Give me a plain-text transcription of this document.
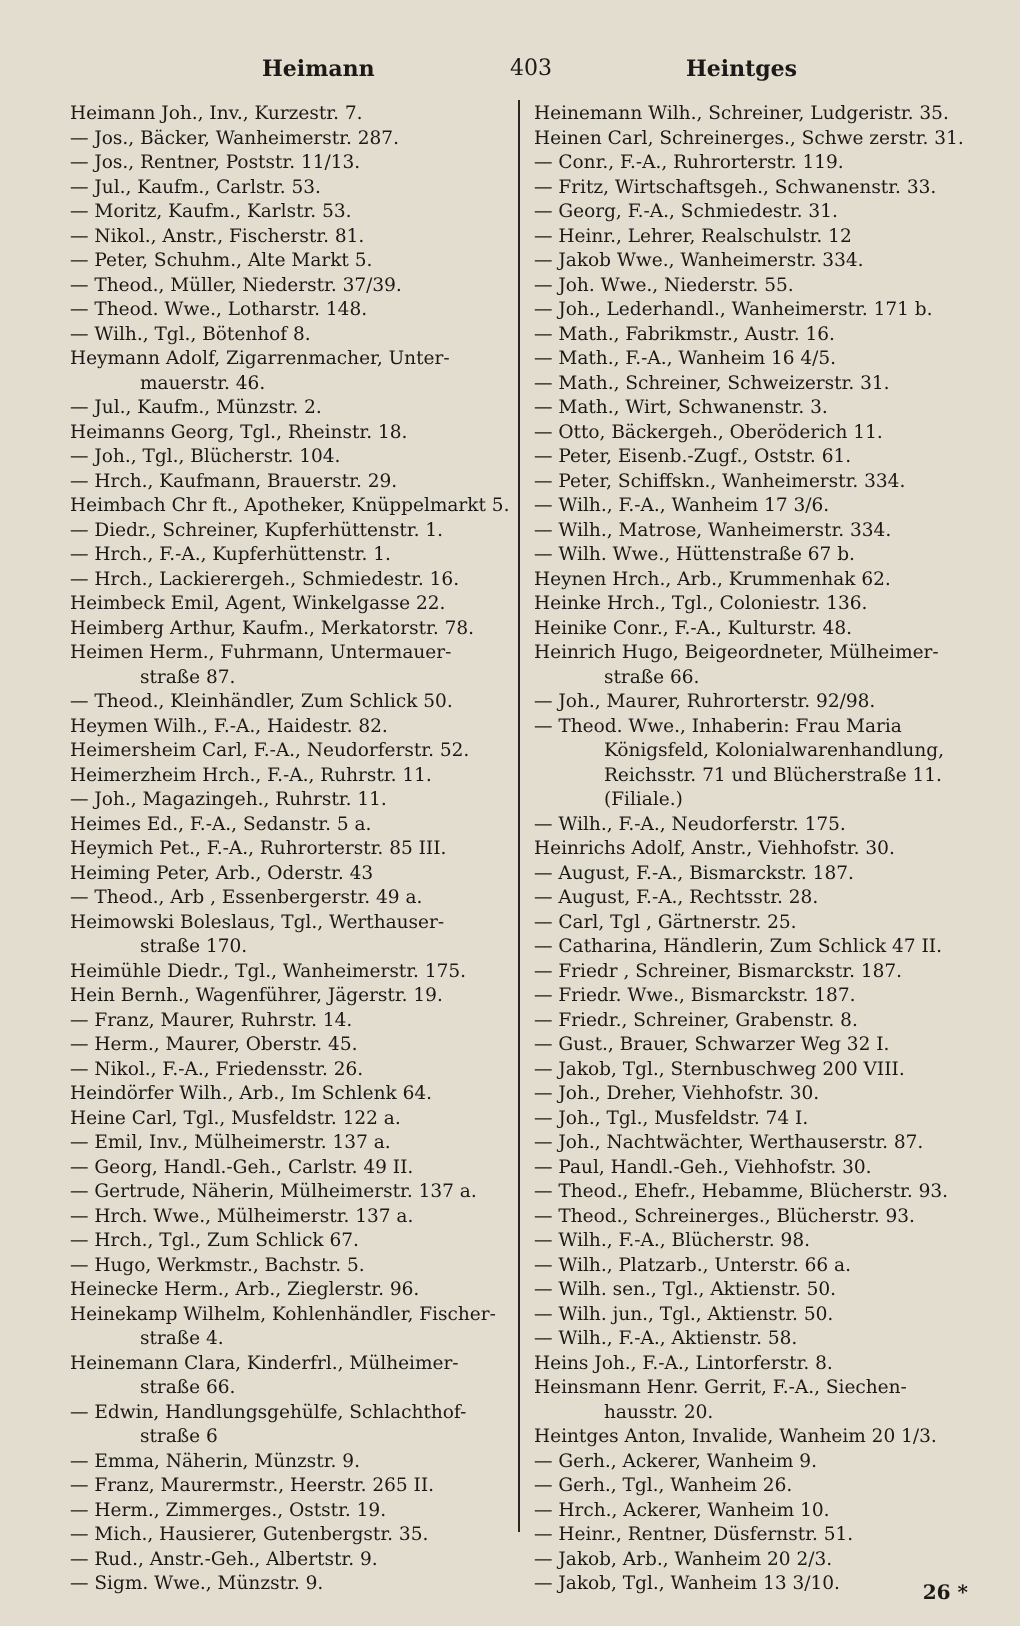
Heimann	403	Heintges
Heimann Joh., Inv., Kurzestr. 7.
— Jos., Bäcker, Wanheimerstr. 287.
— Jos., Rentner, Poststr. 11/13.
— Jul., Kaufm., Carlstr. 53.
— Moritz, Kaufm., Karlstr. 53.
— Nikol., Anstr., Fischerstr. 81.
— Peter, Schuhm., Alte Markt 5.
— Theod., Müller, Niederstr. 37/39.
— Theod. Wwe., Lotharstr. 148.
— Wilh., Tgl., Bötenhof 8.
Heymann Adolf, Zigarrenmacher, Unter-
mauerstr. 46.
— Jul., Kaufm., Münzstr. 2.
Heimanns Georg, Tgl., Rheinstr. 18.
— Joh., Tgl., Blücherstr. 104.
— Hrch., Kaufmann, Brauerstr. 29.
Heimbach Chr ft., Apotheker, Knüppelmarkt 5.
— Diedr., Schreiner, Kupferhüttenstr. 1.
— Hrch., F.-A., Kupferhüttenstr. 1.
— Hrch., Lackierergeh., Schmiedestr. 16.
Heimbeck Emil, Agent, Winkelgasse 22.
Heimberg Arthur, Kaufm., Merkatorstr. 78.
Heimen Herm., Fuhrmann, Untermauer-
straße 87.
— Theod., Kleinhändler, Zum Schlick 50.
Heymen Wilh., F.-A., Haidestr. 82.
Heimersheim Carl, F.-A., Neudorferstr. 52.
Heimerzheim Hrch., F.-A., Ruhrstr. 11.
— Joh., Magazingeh., Ruhrstr. 11.
Heimes Ed., F.-A., Sedanstr. 5 a.
Heymich Pet., F.-A., Ruhrorterstr. 85 III.
Heiming Peter, Arb., Oderstr. 43
— Theod., Arb , Essenbergerstr. 49 a.
Heimowski Boleslaus, Tgl., Werthauser-
straße 170.
Heimühle Diedr., Tgl., Wanheimerstr. 175.
Hein Bernh., Wagenführer, Jägerstr. 19.
— Franz, Maurer, Ruhrstr. 14.
— Herm., Maurer, Oberstr. 45.
— Nikol., F.-A., Friedensstr. 26.
Heindörfer Wilh., Arb., Im Schlenk 64.
Heine Carl, Tgl., Musfeldstr. 122 a.
— Emil, Inv., Mülheimerstr. 137 a.
— Georg, Handl.-Geh., Carlstr. 49 II.
— Gertrude, Näherin, Mülheimerstr. 137 a.
— Hrch. Wwe., Mülheimerstr. 137 a.
— Hrch., Tgl., Zum Schlick 67.
— Hugo, Werkmstr., Bachstr. 5.
Heinecke Herm., Arb., Zieglerstr. 96.
Heinekamp Wilhelm, Kohlenhändler, Fischer-
straße 4.
Heinemann Clara, Kinderfrl., Mülheimer-
straße 66.
— Edwin, Handlungsgehülfe, Schlachthof-
straße 6
— Emma, Näherin, Münzstr. 9.
— Franz, Maurermstr., Heerstr. 265 II.
— Herm., Zimmerges., Oststr. 19.
— Mich., Hausierer, Gutenbergstr. 35.
— Rud., Anstr.-Geh., Albertstr. 9.
— Sigm. Wwe., Münzstr. 9.
Heinemann Wilh., Schreiner, Ludgeristr. 35.
Heinen Carl, Schreinerges., Schwe zerstr. 31.
— Conr., F.-A., Ruhrorterstr. 119.
— Fritz, Wirtschaftsgeh., Schwanenstr. 33.
— Georg, F.-A., Schmiedestr. 31.
— Heinr., Lehrer, Realschulstr. 12
— Jakob Wwe., Wanheimerstr. 334.
— Joh. Wwe., Niederstr. 55.
— Joh., Lederhandl., Wanheimerstr. 171 b.
— Math., Fabrikmstr., Austr. 16.
— Math., F.-A., Wanheim 16 4/5.
— Math., Schreiner, Schweizerstr. 31.
— Math., Wirt, Schwanenstr. 3.
— Otto, Bäckergeh., Oberöderich 11.
— Peter, Eisenb.-Zugf., Oststr. 61.
— Peter, Schiffskn., Wanheimerstr. 334.
— Wilh., F.-A., Wanheim 17 3/6.
— Wilh., Matrose, Wanheimerstr. 334.
— Wilh. Wwe., Hüttenstraße 67 b.
Heynen Hrch., Arb., Krummenhak 62.
Heinke Hrch., Tgl., Coloniestr. 136.
Heinike Conr., F.-A., Kulturstr. 48.
Heinrich Hugo, Beigeordneter, Mülheimer-
straße 66.
— Joh., Maurer, Ruhrorterstr. 92/98.
— Theod. Wwe., Inhaberin: Frau Maria
Königsfeld, Kolonialwarenhandlung,
Reichsstr. 71 und Blücherstraße 11.
(Filiale.)
— Wilh., F.-A., Neudorferstr. 175.
Heinrichs Adolf, Anstr., Viehhofstr. 30.
— August, F.-A., Bismarckstr. 187.
— August, F.-A., Rechtsstr. 28.
— Carl, Tgl , Gärtnerstr. 25.
— Catharina, Händlerin, Zum Schlick 47 II.
— Friedr , Schreiner, Bismarckstr. 187.
— Friedr. Wwe., Bismarckstr. 187.
— Friedr., Schreiner, Grabenstr. 8.
— Gust., Brauer, Schwarzer Weg 32 I.
— Jakob, Tgl., Sternbuschweg 200 VIII.
— Joh., Dreher, Viehhofstr. 30.
— Joh., Tgl., Musfeldstr. 74 I.
— Joh., Nachtwächter, Werthauserstr. 87.
— Paul, Handl.-Geh., Viehhofstr. 30.
— Theod., Ehefr., Hebamme, Blücherstr. 93.
— Theod., Schreinerges., Blücherstr. 93.
— Wilh., F.-A., Blücherstr. 98.
— Wilh., Platzarb., Unterstr. 66 a.
— Wilh. sen., Tgl., Aktienstr. 50.
— Wilh. jun., Tgl., Aktienstr. 50.
— Wilh., F.-A., Aktienstr. 58.
Heins Joh., F.-A., Lintorferstr. 8.
Heinsmann Henr. Gerrit, F.-A., Siechen-
hausstr. 20.
Heintges Anton, Invalide, Wanheim 20 1/3.
— Gerh., Ackerer, Wanheim 9.
— Gerh., Tgl., Wanheim 26.
— Hrch., Ackerer, Wanheim 10.
— Heinr., Rentner, Düsfernstr. 51.
— Jakob, Arb., Wanheim 20 2/3.
— Jakob, Tgl., Wanheim 13 3/10.	26 *
